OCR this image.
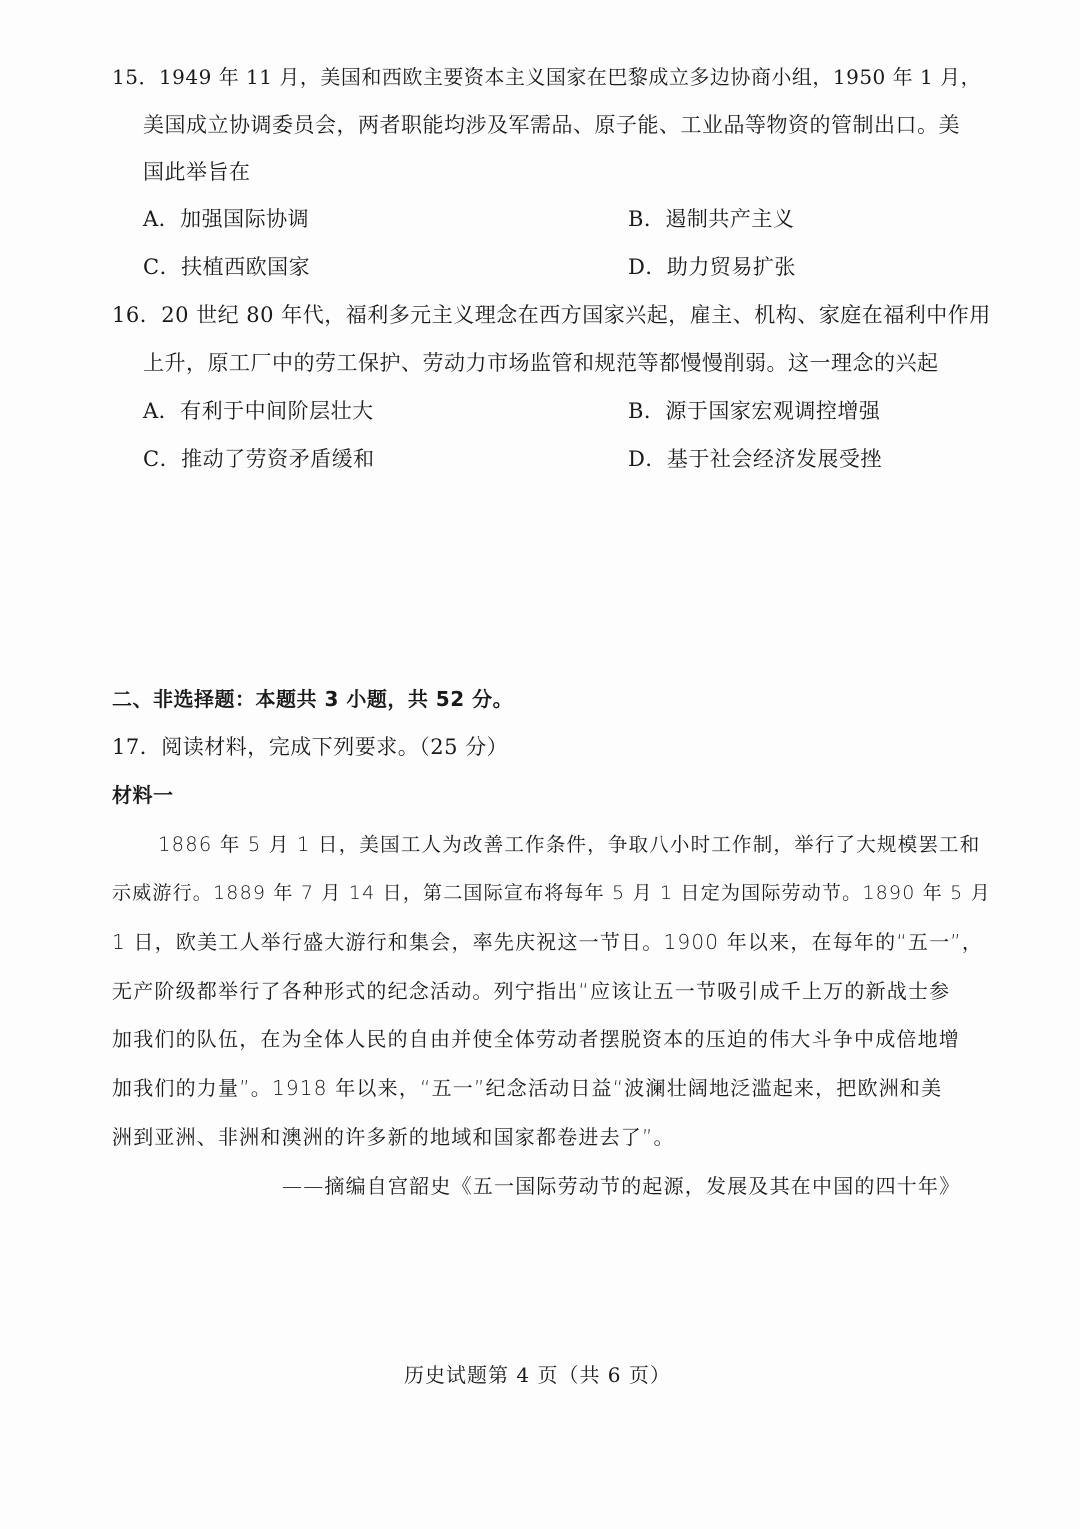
15．1949 年 11 月，美国和西欧主要资本主义国家在巴黎成立多边协商小组，1950 年 1 月，
美国成立协调委员会，两者职能均涉及军需品、原子能、工业品等物资的管制出口。美
国此举旨在
A．加强国际协调	B．遏制共产主义
C．扶植西欧国家	D．助力贸易扩张
16．20 世纪 80 年代，福利多元主义理念在西方国家兴起，雇主、机构、家庭在福利中作用
上升，原工厂中的劳工保护、劳动力市场监管和规范等都慢慢削弱。这一理念的兴起
A．有利于中间阶层壮大	B．源于国家宏观调控增强
C．推动了劳资矛盾缓和	D．基于社会经济发展受挫
二、非选择题：本题共 3 小题，共 52 分。
17．阅读材料，完成下列要求。（25 分）
材料一
1886 年 5 月 1 日，美国工人为改善工作条件，争取八小时工作制，举行了大规模罢工和
示威游行。1889 年 7 月 14 日，第二国际宣布将每年 5 月 1 日定为国际劳动节。1890 年 5 月
1 日，欧美工人举行盛大游行和集会，率先庆祝这一节日。1900 年以来，在每年的“五一”，
无产阶级都举行了各种形式的纪念活动。列宁指出“应该让五一节吸引成千上万的新战士参
加我们的队伍，在为全体人民的自由并使全体劳动者摆脱资本的压迫的伟大斗争中成倍地增
加我们的力量”。1918 年以来，“五一”纪念活动日益“波澜壮阔地泛滥起来，把欧洲和美
洲到亚洲、非洲和澳洲的许多新的地域和国家都卷进去了”。
——摘编自宫韶史《五一国际劳动节的起源，发展及其在中国的四十年》
历史试题第 4 页（共 6 页）
